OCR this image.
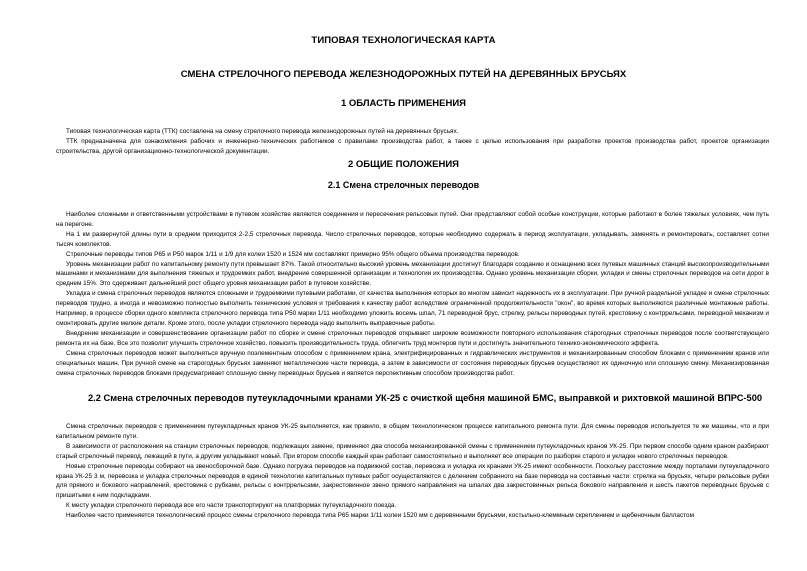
ТИПОВАЯ ТЕХНОЛОГИЧЕСКАЯ КАРТА
СМЕНА СТРЕЛОЧНОГО ПЕРЕВОДА ЖЕЛЕЗНОДОРОЖНЫХ ПУТЕЙ НА ДЕРЕВЯННЫХ БРУСЬЯХ
1 ОБЛАСТЬ ПРИМЕНЕНИЯ

Типовая технологическая карта (ТТК) составлена на смену стрелочного перевода железнодорожных путей на деревянных брусьях.

ТТК предназначена для ознакомления рабочих и инженерно-технических работников с правилами производства работ, а также с целью использования при разработке проектов производства работ, проектов организации строительства, другой организационно-технологической документации.

2 ОБЩИЕ ПОЛОЖЕНИЯ
2.1 Смена стрелочных переводов

Наиболее сложными и ответственными устройствами в путевом хозяйстве являются соединения и пересечения рельсовых путей. Они представляют собой особые конструкции, которые работают в более тяжелых условиях, чем путь на перегоне.

На 1 км развернутой длины пути в среднем приходится 2-2,5 стрелочных перевода. Число стрелочных переводов, которые необходимо содержать в период эксплуатации, укладывать, заменять и ремонтировать, составляет сотни тысяч комплектов.

Стрелочные переводы типов Р65 и Р50 марок 1/11 и 1/9 для колеи 1520 и 1524 мм составляют примерно 95% общего объема производства переводов.

Уровень механизации работ по капитальному ремонту пути превышает 87%. Такой относительно высокий уровень механизации достигнут благодаря созданию и оснащению всех путевых машинных станций высокопроизводительными машинами и механизмами для выполнения тяжелых и трудоемких работ, внедрение совершенной организации и технологии их производства. Однако уровень механизации сборки, укладки и смены стрелочных переводов на сети дорог в среднем 15%. Это сдерживает дальнейший рост общего уровня механизации работ в путевом хозяйстве.

Укладка и смена стрелочных переводов являются сложными и трудоемкими путевыми работами, от качества выполнения которых во многом зависит надежность их в эксплуатации. При ручной раздельной укладке и смене стрелочных переводов трудно, а иногда и невозможно полностью выполнить технические условия и требования к качеству работ вследствие ограниченной продолжительности "окон", во время которых выполняются различные монтажные работы. Например, в процессе сборки одного комплекта стрелочного перевода типа Р50 марки 1/11 необходимо уложить восемь шпал, 71 переводной брус, стрелку, рельсы переводных путей, крестовину с контррельсами, переводной механизм и смонтировать другие мелкие детали. Кроме этого, после укладки стрелочного перевода надо выполнить выправочные работы.

Внедрение механизации и совершенствование организации работ по сборке и смене стрелочных переводов открывают широкие возможности повторного использования старогодных стрелочных переводов после соответствующего ремонта их на базе. Все это позволит улучшить стрелочное хозяйство, повысить производительность труда, облегчить труд монтеров пути и достигнуть значительного технико-экономического эффекта.

Смена стрелочных переводов может выполняться вручную поэлементным способом с применением крана, электрифицированных и гидравлических инструментов и механизированным способом блоками с применением кранов или специальных машин. При ручной смене на старогодных брусьях заменяют металлические части перевода, а затем в зависимости от состояния переводных брусьев осуществляют их одиночную или сплошную смену. Механизированная смена стрелочных переводов блоками предусматривает сплошную смену переводных брусьев и является перспективным способом производства работ.

2.2 Смена стрелочных переводов путеукладочными кранами УК-25 с очисткой щебня машиной БМС, выправкой и рихтовкой машиной ВПРС-500

Смена стрелочных переводов с применением путеукладочных кранов УК-25 выполняется, как правило, в общем технологическом процессе капитального ремонта пути. Для смены переводов используется те же машины, что и при капитальном ремонте пути.

В зависимости от расположения на станции стрелочных переводов, подлежащих замене, применяют два способа механизированной смены с применением путеукладочных кранов УК-25. При первом способе одним краном разбирают старый стрелочный перевод, лежащий в пути, а другим укладывают новый. При втором способе каждый кран работает самостоятельно и выполняет все операции по разборке старого и укладке нового стрелочных переводов.

Новые стрелочные переводы собирают на звеносборочной базе. Однако погрузка переводов на подвижной состав, перевозка и укладка их кранами УК-25 имеют особенности. Поскольку расстояние между порталами путеукладочного крана УК-25 3 м, перевозка и укладка стрелочных переводов в единой технологии капитальных путевых работ осуществляются с делением собранного на базе перевода на составные части: стрелка на брусьях, четыре рельсовые рубки для прямого и бокового направлений, крестовина с рубками, рельсы с контррельсами, закрестовинное звено прямого направления на шпалах два закрестовинных рельса бокового направления и шесть пакетов переводных брусьев с пришитыми к ним подкладками.

К месту укладки стрелочного перевода все его части транспортируют на платформах путеукладочного поезда.

Наиболее часто применяется технологический процесс смены стрелочного перевода типа Р65 марки 1/11 колеи 1520 мм с деревянными брусьями, костыльно-клеммным скреплением и щебеночным балластом
